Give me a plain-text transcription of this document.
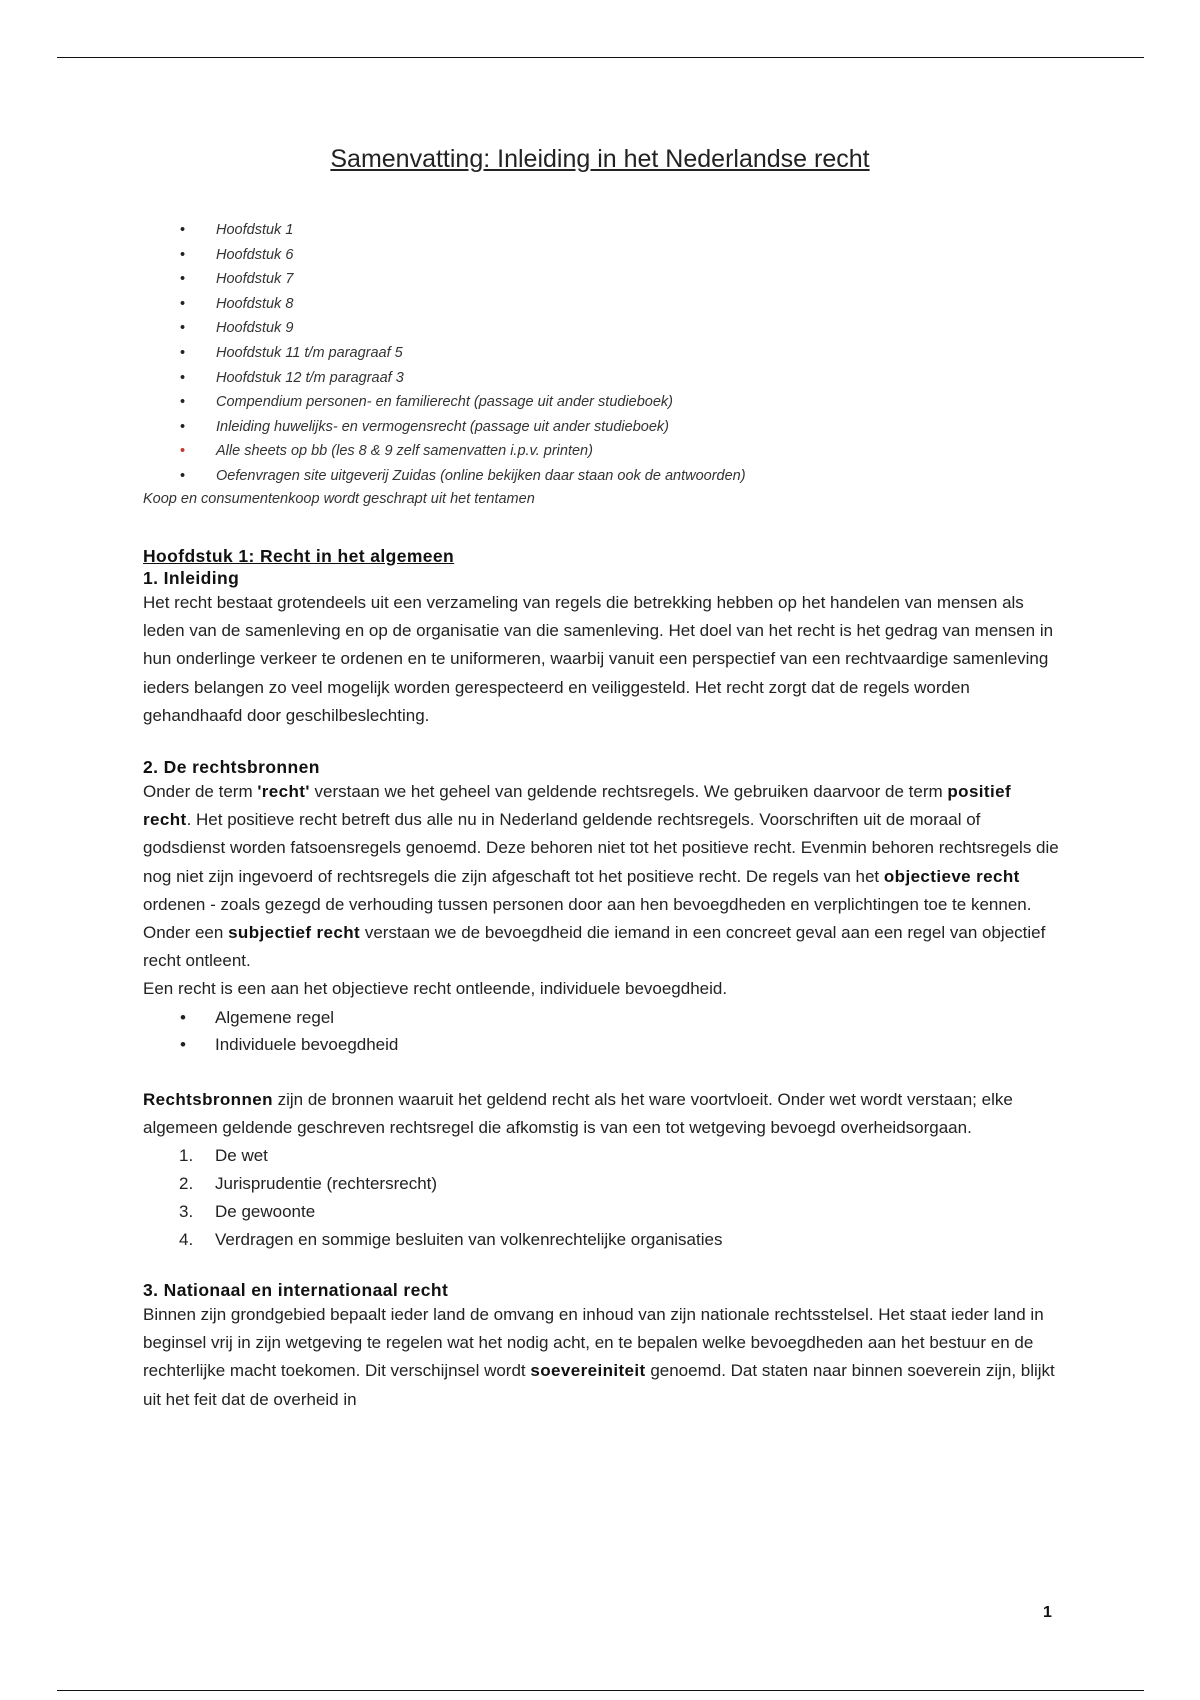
Samenvatting: Inleiding in het Nederlandse recht
• Hoofdstuk 1
• Hoofdstuk 6
• Hoofdstuk 7
• Hoofdstuk 8
• Hoofdstuk 9
• Hoofdstuk 11 t/m paragraaf 5
• Hoofdstuk 12 t/m paragraaf 3
• Compendium personen- en familierecht (passage uit ander studieboek)
• Inleiding huwelijks- en vermogensrecht (passage uit ander studieboek)
• Alle sheets op bb (les 8 & 9 zelf samenvatten i.p.v. printen)
• Oefenvragen site uitgeverij Zuidas (online bekijken daar staan ook de antwoorden)
Koop en consumentenkoop wordt geschrapt uit het tentamen
Hoofdstuk 1: Recht in het algemeen
1. Inleiding
Het recht bestaat grotendeels uit een verzameling van regels die betrekking hebben op het handelen van mensen als leden van de samenleving en op de organisatie van die samenleving. Het doel van het recht is het gedrag van mensen in hun onderlinge verkeer te ordenen en te uniformeren, waarbij vanuit een perspectief van een rechtvaardige samenleving ieders belangen zo veel mogelijk worden gerespecteerd en veiliggesteld. Het recht zorgt dat de regels worden gehandhaafd door geschilbeslechting.
2. De rechtsbronnen
Onder de term 'recht' verstaan we het geheel van geldende rechtsregels. We gebruiken daarvoor de term positief recht. Het positieve recht betreft dus alle nu in Nederland geldende rechtsregels. Voorschriften uit de moraal of godsdienst worden fatsoensregels genoemd. Deze behoren niet tot het positieve recht. Evenmin behoren rechtsregels die nog niet zijn ingevoerd of rechtsregels die zijn afgeschaft tot het positieve recht. De regels van het objectieve recht ordenen - zoals gezegd de verhouding tussen personen door aan hen bevoegdheden en verplichtingen toe te kennen. Onder een subjectief recht verstaan we de bevoegdheid die iemand in een concreet geval aan een regel van objectief recht ontleent.
Een recht is een aan het objectieve recht ontleende, individuele bevoegdheid.
• Algemene regel
• Individuele bevoegdheid
Rechtsbronnen zijn de bronnen waaruit het geldend recht als het ware voortvloeit. Onder wet wordt verstaan; elke algemeen geldende geschreven rechtsregel die afkomstig is van een tot wetgeving bevoegd overheidsorgaan.
1. De wet
2. Jurisprudentie (rechtersrecht)
3. De gewoonte
4. Verdragen en sommige besluiten van volkenrechtelijke organisaties
3. Nationaal en internationaal recht
Binnen zijn grondgebied bepaalt ieder land de omvang en inhoud van zijn nationale rechtsstelsel. Het staat ieder land in beginsel vrij in zijn wetgeving te regelen wat het nodig acht, en te bepalen welke bevoegdheden aan het bestuur en de rechterlijke macht toekomen. Dit verschijnsel wordt soevereiniteit genoemd. Dat staten naar binnen soeverein zijn, blijkt uit het feit dat de overheid in
1
